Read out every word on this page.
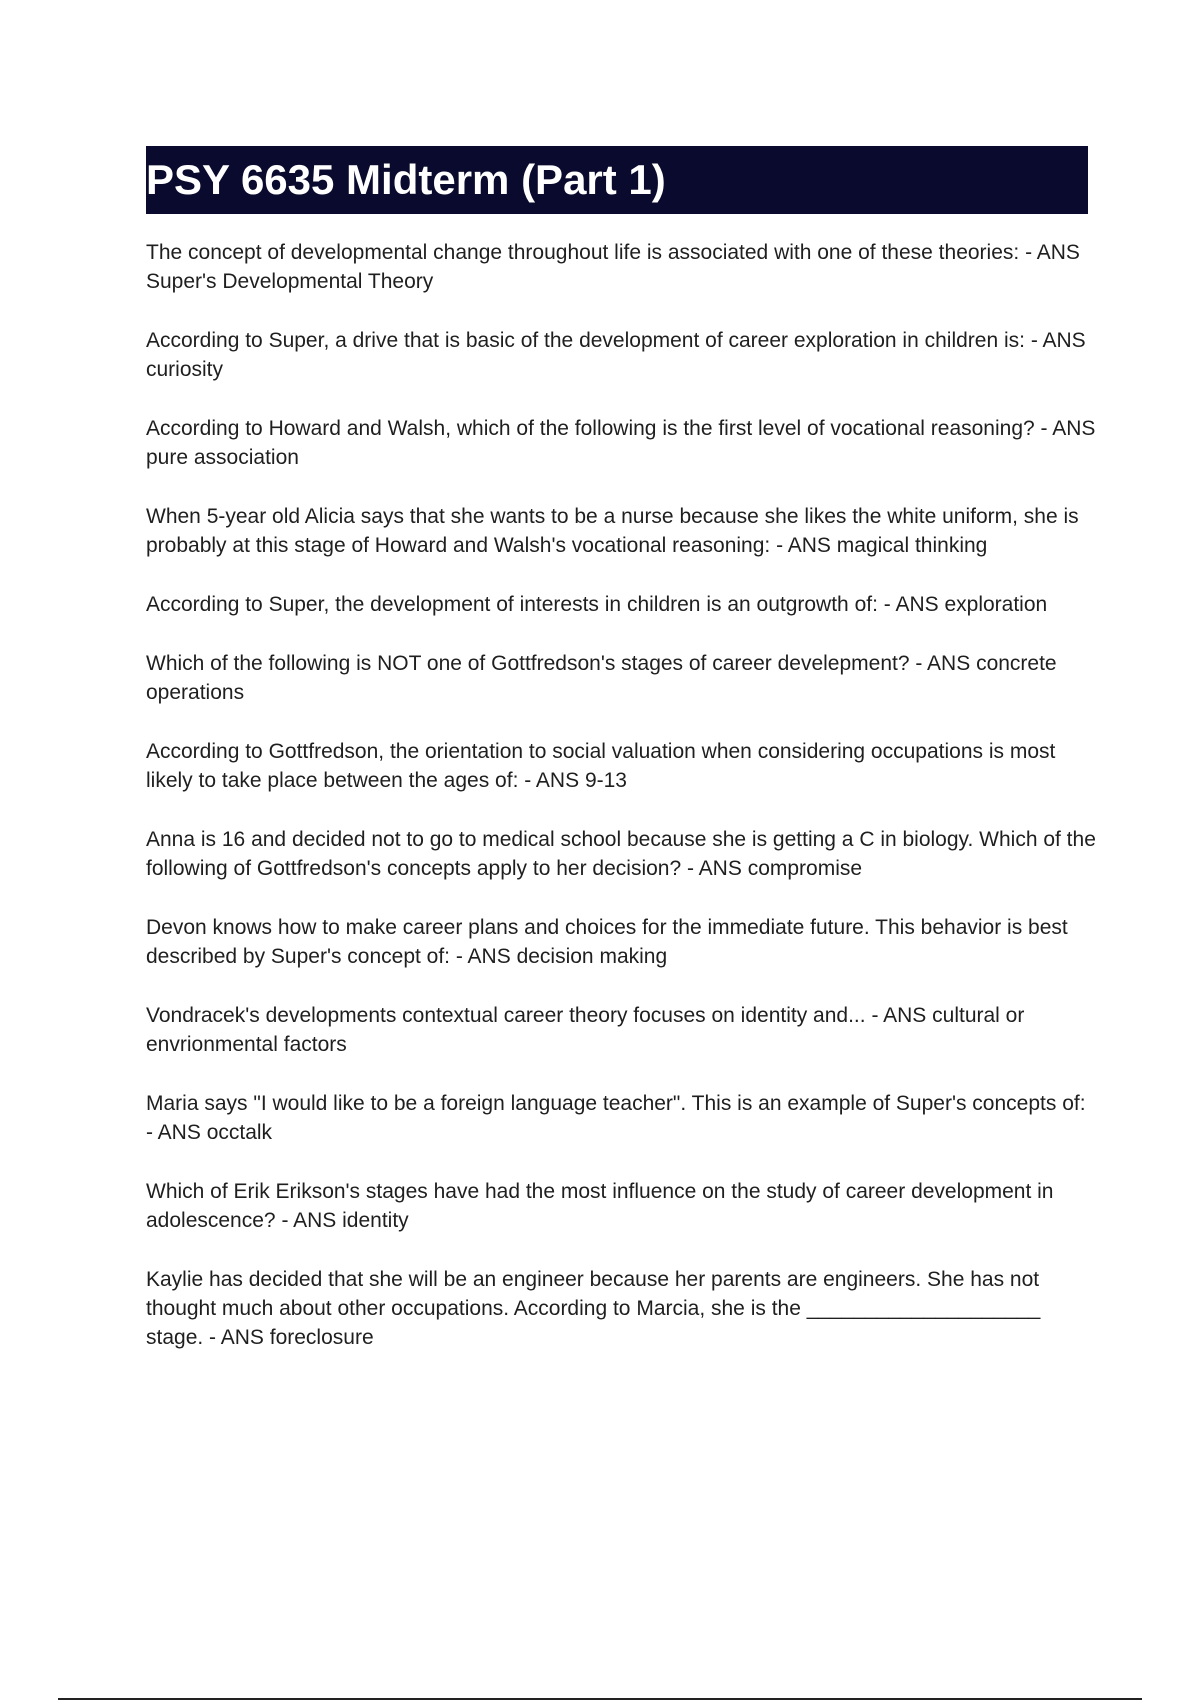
PSY 6635 Midterm (Part 1)

The concept of developmental change throughout life is associated with one of these theories: - ANS Super's Developmental Theory

According to Super, a drive that is basic of the development of career exploration in children is: - ANS curiosity

According to Howard and Walsh, which of the following is the first level of vocational reasoning? - ANS pure association

When 5-year old Alicia says that she wants to be a nurse because she likes the white uniform, she is probably at this stage of Howard and Walsh's vocational reasoning: - ANS magical thinking

According to Super, the development of interests in children is an outgrowth of: - ANS exploration

Which of the following is NOT one of Gottfredson's stages of career develepment? - ANS concrete operations

According to Gottfredson, the orientation to social valuation when considering occupations is most likely to take place between the ages of: - ANS 9-13

Anna is 16 and decided not to go to medical school because she is getting a C in biology. Which of the following of Gottfredson's concepts apply to her decision? - ANS compromise

Devon knows how to make career plans and choices for the immediate future. This behavior is best described by Super's concept of: - ANS decision making

Vondracek's developments contextual career theory focuses on identity and... - ANS cultural or envrionmental factors

Maria says "I would like to be a foreign language teacher". This is an example of Super's concepts of: - ANS occtalk

Which of Erik Erikson's stages have had the most influence on the study of career development in adolescence? - ANS identity

Kaylie has decided that she will be an engineer because her parents are engineers. She has not thought much about other occupations. According to Marcia, she is the ____________________ stage. - ANS foreclosure
